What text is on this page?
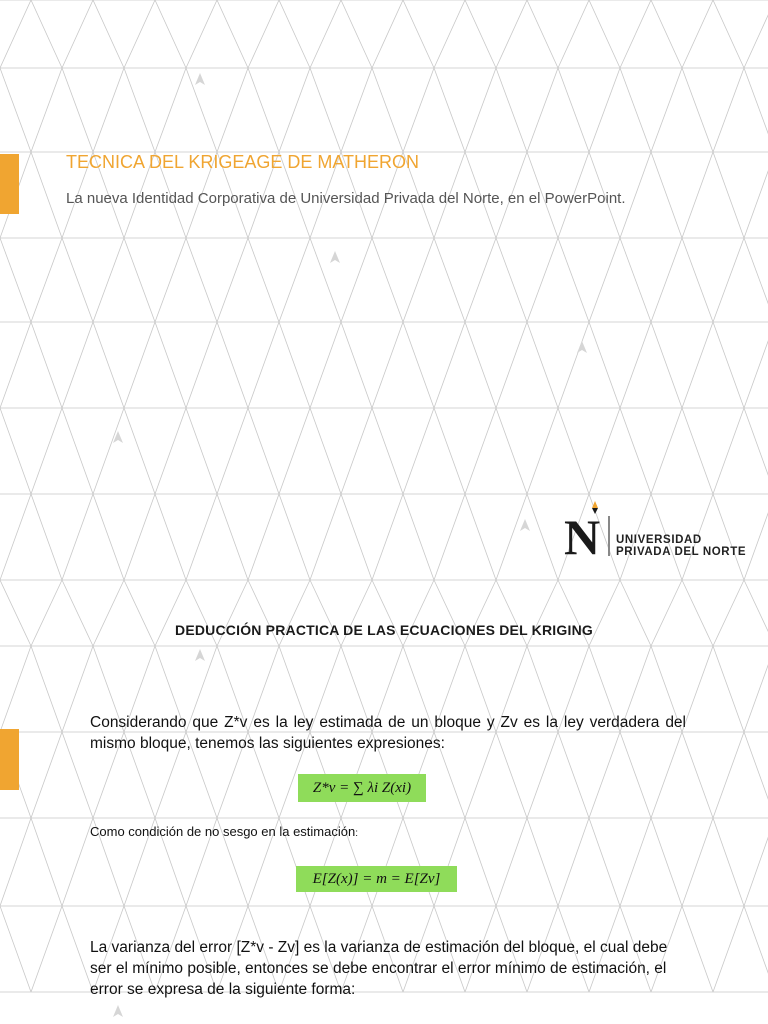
TECNICA DEL KRIGEAGE DE MATHERON
La nueva Identidad Corporativa de Universidad Privada del Norte, en el PowerPoint.
N UNIVERSIDAD
PRIVADA DEL NORTE
DEDUCCIÓN PRACTICA DE LAS ECUACIONES DEL KRIGING
Considerando que Z*v es la ley estimada de un bloque y Zv es la ley verdadera del mismo bloque, tenemos las siguientes expresiones:
Z*v = ∑ λi Z(xi)
Como condición de no sesgo en la estimación:
E[Z(x)] = m = E[Zv]
La varianza del error [Z*v - Zv] es la varianza de estimación del bloque, el cual debe ser el mínimo posible, entonces se debe encontrar el error mínimo de estimación, el error se expresa de la siguiente forma:
